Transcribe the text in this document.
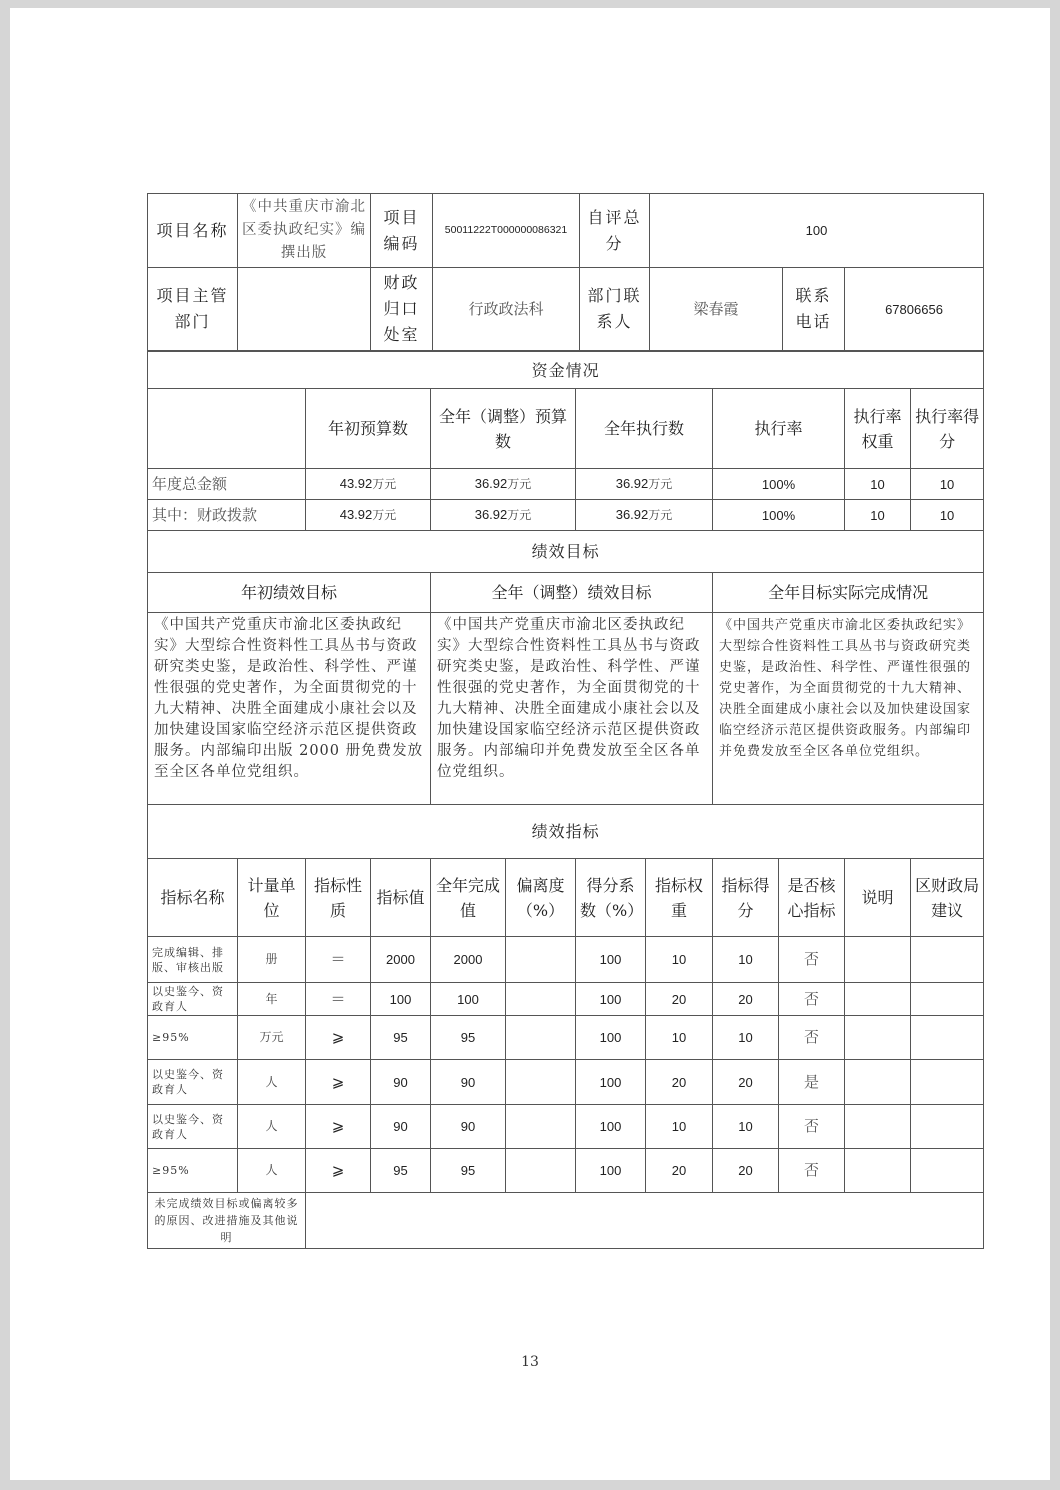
项目名称	《中共重庆市渝北区委执政纪实》编撰出版	项目编码	50011222T000000086321	自评总分	100		
项目主管部门		财政归口处室	行政政法科	部门联系人	梁春霞	联系电话	67806656
资金情况											
		年初预算数		全年（调整）预算数		全年执行数		执行率		执行率权重	执行率得分
年度总金额		43.92万元		36.92万元		36.92万元		100%		10	10
其中：财政拨款		43.92万元		36.92万元		36.92万元		100%		10	10
绩效目标											
年初绩效目标				全年（调整）绩效目标				全年目标实际完成情况			
《中国共产党重庆市渝北区委执政纪实》大型综合性资料性工具丛书与资政研究类史鉴，是政治性、科学性、严谨性很强的党史著作，为全面贯彻党的十九大精神、决胜全面建成小康社会以及加快建设国家临空经济示范区提供资政服务。内部编印出版 2000 册免费发放至全区各单位党组织。				《中国共产党重庆市渝北区委执政纪实》大型综合性资料性工具丛书与资政研究类史鉴，是政治性、科学性、严谨性很强的党史著作，为全面贯彻党的十九大精神、决胜全面建成小康社会以及加快建设国家临空经济示范区提供资政服务。内部编印并免费发放至全区各单位党组织。				《中国共产党重庆市渝北区委执政纪实》大型综合性资料性工具丛书与资政研究类史鉴，是政治性、科学性、严谨性很强的党史著作，为全面贯彻党的十九大精神、决胜全面建成小康社会以及加快建设国家临空经济示范区提供资政服务。内部编印并免费发放至全区各单位党组织。			
绩效指标											
指标名称	计量单位	指标性质	指标值	全年完成值	偏离度（%）	得分系数（%）	指标权重	指标得分	是否核心指标	说明	区财政局建议
完成编辑、排版、审核出版	册	＝	2000	2000		100	10	10	否		
以史鉴今、资政育人	年	＝	100	100		100	20	20	否		
≥95%	万元	⩾	95	95		100	10	10	否		
以史鉴今、资政育人	人	⩾	90	90		100	20	20	是		
以史鉴今、资政育人	人	⩾	90	90		100	10	10	否		
≥95%	人	⩾	95	95		100	20	20	否		
未完成绩效目标或偏离较多的原因、改进措施及其他说明											
13
